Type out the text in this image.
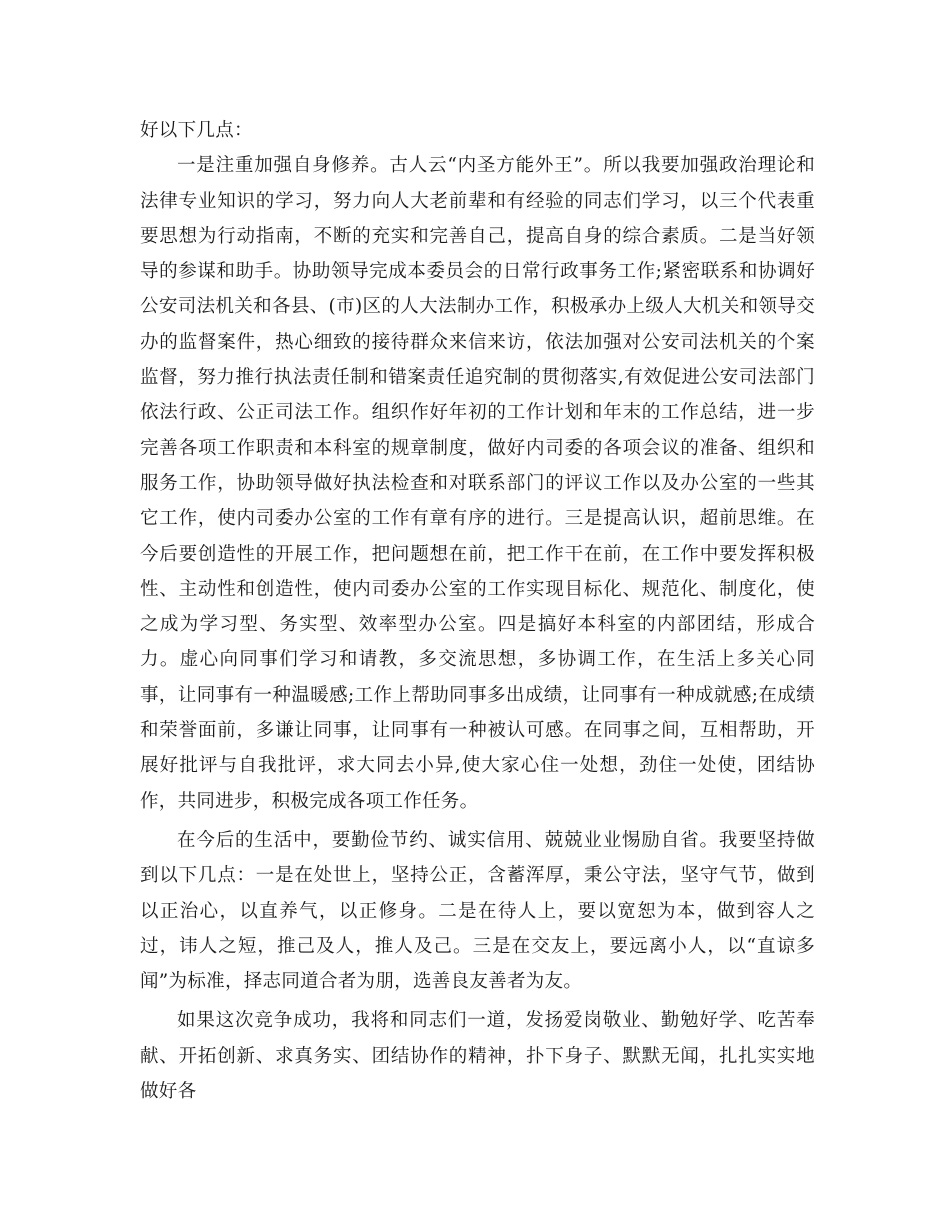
好以下几点：

一是注重加强自身修养。古人云“内圣方能外王”。所以我要加强政治理论和法律专业知识的学习，努力向人大老前辈和有经验的同志们学习，以三个代表重要思想为行动指南，不断的充实和完善自己，提高自身的综合素质。二是当好领导的参谋和助手。协助领导完成本委员会的日常行政事务工作;紧密联系和协调好公安司法机关和各县、(市)区的人大法制办工作，积极承办上级人大机关和领导交办的监督案件，热心细致的接待群众来信来访，依法加强对公安司法机关的个案监督，努力推行执法责任制和错案责任追究制的贯彻落实,有效促进公安司法部门依法行政、公正司法工作。组织作好年初的工作计划和年末的工作总结，进一步完善各项工作职责和本科室的规章制度，做好内司委的各项会议的准备、组织和服务工作，协助领导做好执法检查和对联系部门的评议工作以及办公室的一些其它工作，使内司委办公室的工作有章有序的进行。三是提高认识，超前思维。在今后要创造性的开展工作，把问题想在前，把工作干在前，在工作中要发挥积极性、主动性和创造性，使内司委办公室的工作实现目标化、规范化、制度化，使之成为学习型、务实型、效率型办公室。四是搞好本科室的内部团结，形成合力。虚心向同事们学习和请教，多交流思想，多协调工作，在生活上多关心同事，让同事有一种温暖感;工作上帮助同事多出成绩，让同事有一种成就感;在成绩和荣誉面前，多谦让同事，让同事有一种被认可感。在同事之间，互相帮助，开展好批评与自我批评，求大同去小异,使大家心住一处想，劲住一处使，团结协作，共同进步，积极完成各项工作任务。

在今后的生活中，要勤俭节约、诚实信用、兢兢业业惕励自省。我要坚持做到以下几点：一是在处世上，坚持公正，含蓄浑厚，秉公守法，坚守气节，做到以正治心，以直养气，以正修身。二是在待人上，要以宽恕为本，做到容人之过，讳人之短，推己及人，推人及己。三是在交友上，要远离小人，以“直谅多闻”为标准，择志同道合者为朋，选善良友善者为友。

如果这次竞争成功，我将和同志们一道，发扬爱岗敬业、勤勉好学、吃苦奉献、开拓创新、求真务实、团结协作的精神，扑下身子、默默无闻，扎扎实实地做好各
